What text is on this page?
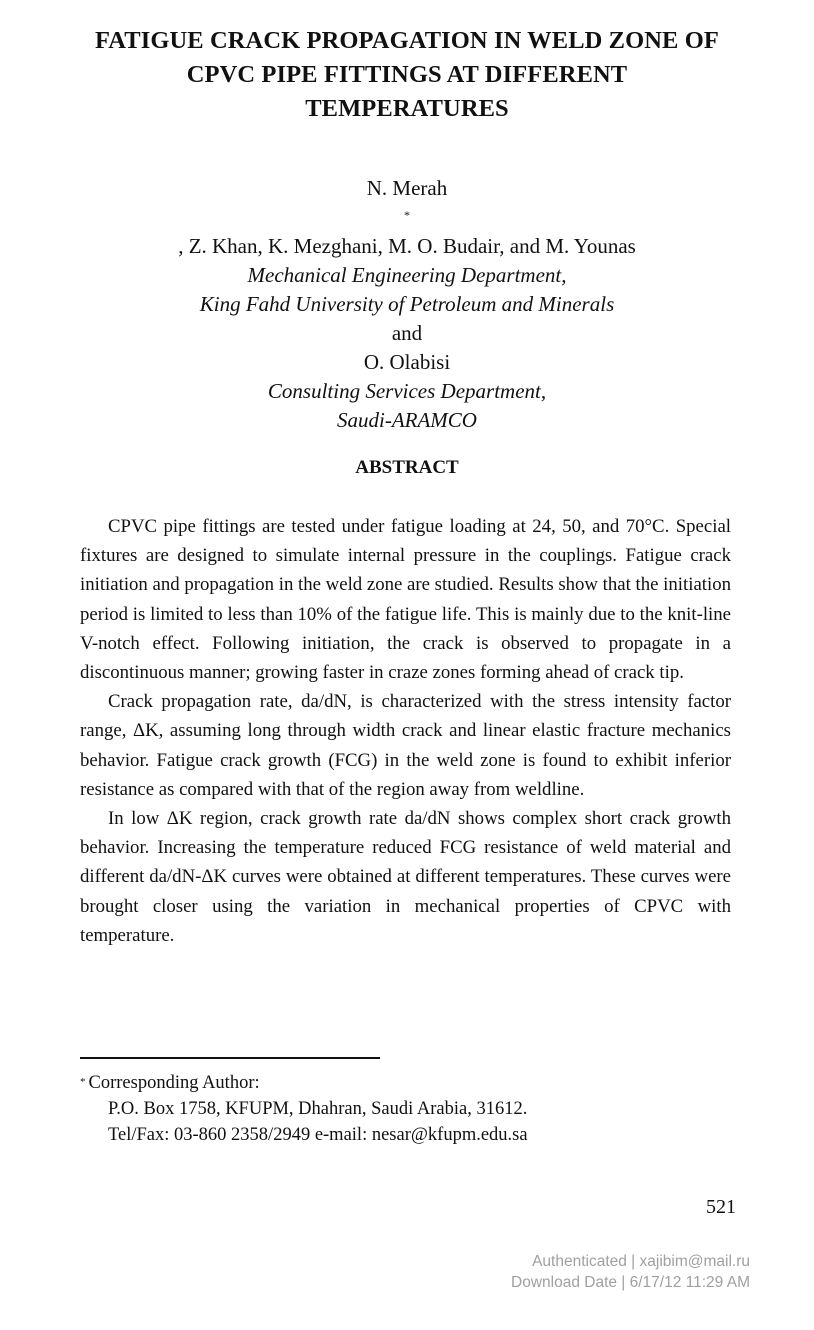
FATIGUE CRACK PROPAGATION IN WELD ZONE OF
CPVC PIPE FITTINGS AT DIFFERENT
TEMPERATURES
N. Merah
*
, Z. Khan, K. Mezghani, M. O. Budair, and M. Younas
Mechanical Engineering Department,
King Fahd University of Petroleum and Minerals
and
O. Olabisi
Consulting Services Department,
Saudi-ARAMCO
ABSTRACT

CPVC pipe fittings are tested under fatigue loading at 24, 50, and 70°C. Special fixtures are designed to simulate internal pressure in the couplings. Fatigue crack initiation and propagation in the weld zone are studied. Results show that the initiation period is limited to less than 10% of the fatigue life. This is mainly due to the knit-line V-notch effect. Following initiation, the crack is observed to propagate in a discontinuous manner; growing faster in craze zones forming ahead of crack tip.

Crack propagation rate, da/dN, is characterized with the stress intensity factor range, ΔK, assuming long through width crack and linear elastic fracture mechanics behavior. Fatigue crack growth (FCG) in the weld zone is found to exhibit inferior resistance as compared with that of the region away from weldline.

In low ΔK region, crack growth rate da/dN shows complex short crack growth behavior. Increasing the temperature reduced FCG resistance of weld material and different da/dN-ΔK curves were obtained at different temperatures. These curves were brought closer using the variation in mechanical properties of CPVC with temperature.

* Corresponding Author:
P.O. Box 1758, KFUPM, Dhahran, Saudi Arabia, 31612.
Tel/Fax: 03-860 2358/2949 e-mail: nesar@kfupm.edu.sa
521
Authenticated | xajibim@mail.ru
Download Date | 6/17/12 11:29 AM
